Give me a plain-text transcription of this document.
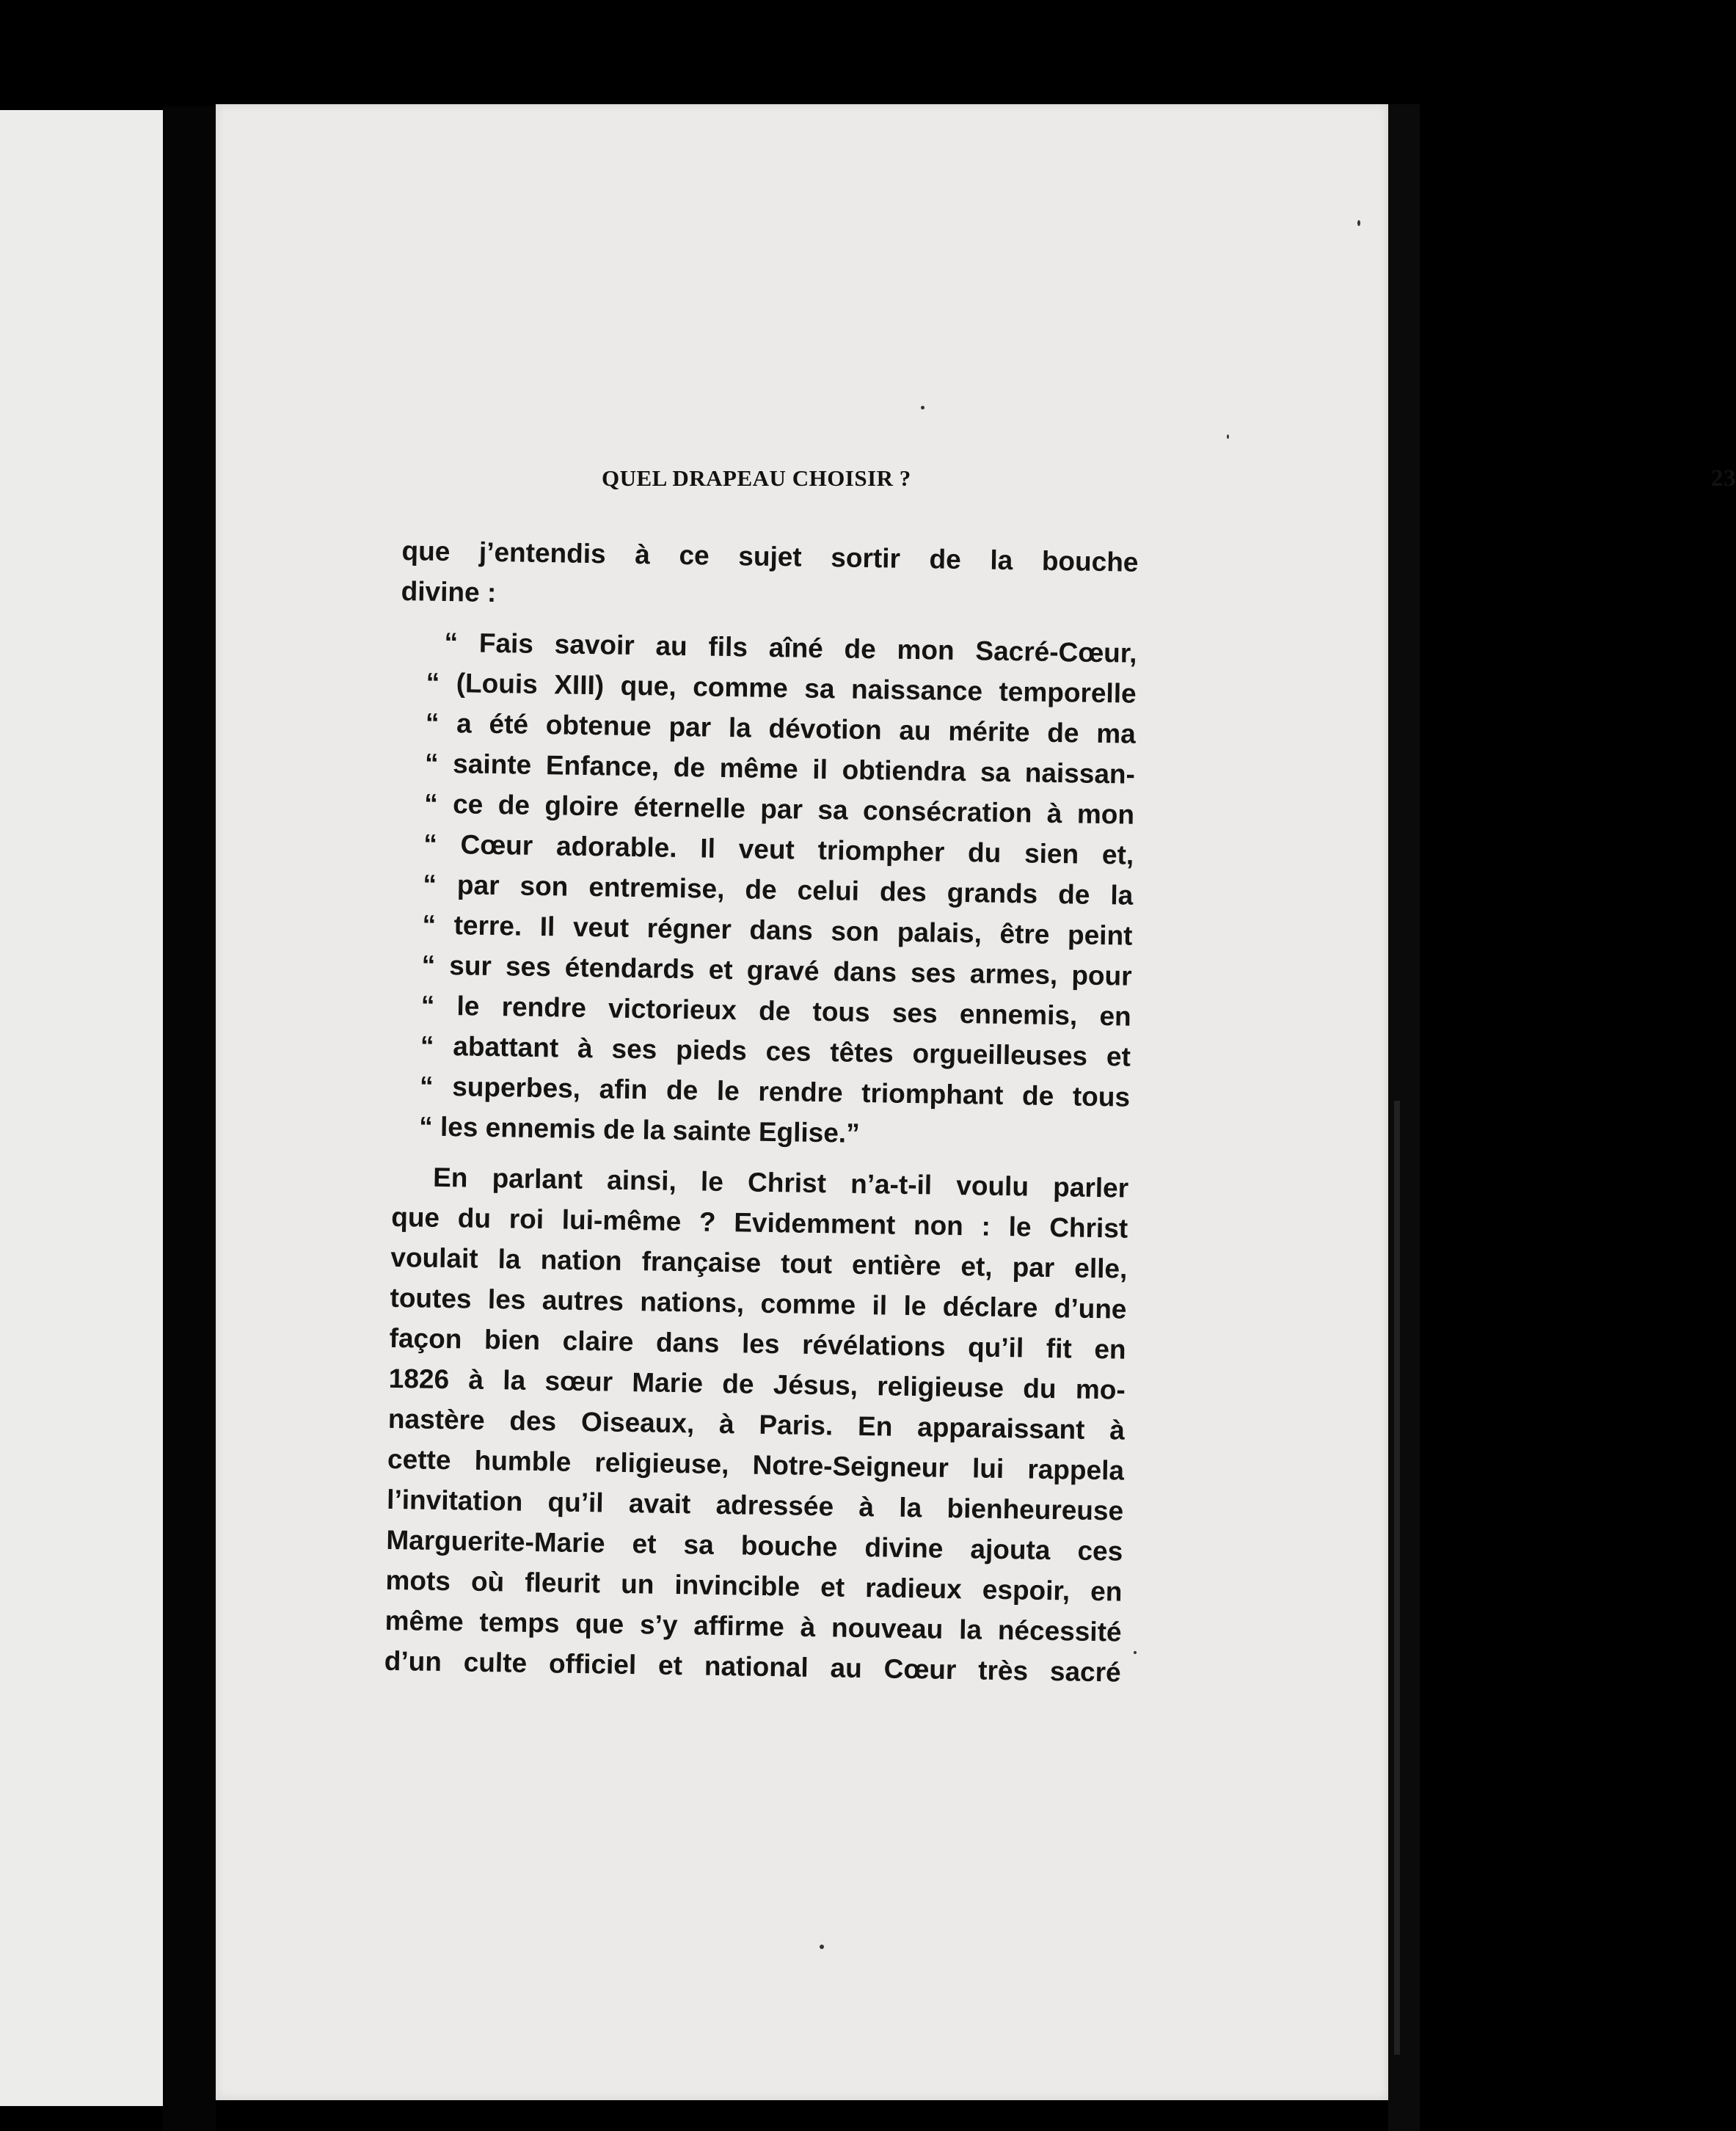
QUEL DRAPEAU CHOISIR ?	23
que j’entendis à ce sujet sortir de la bouche
divine :
“ Fais savoir au fils aîné de mon Sacré-Cœur,
“ (Louis XIII) que, comme sa naissance temporelle
“ a été obtenue par la dévotion au mérite de ma
“ sainte Enfance, de même il obtiendra sa naissan-
“ ce de gloire éternelle par sa consécration à mon
“ Cœur adorable. Il veut triompher du sien et,
“ par son entremise, de celui des grands de la
“ terre. Il veut régner dans son palais, être peint
“ sur ses étendards et gravé dans ses armes, pour
“ le rendre victorieux de tous ses ennemis, en
“ abattant à ses pieds ces têtes orgueilleuses et
“ superbes, afin de le rendre triomphant de tous
“ les ennemis de la sainte Eglise.”
En parlant ainsi, le Christ n’a-t-il voulu parler
que du roi lui-même ? Evidemment non : le Christ
voulait la nation française tout entière et, par elle,
toutes les autres nations, comme il le déclare d’une
façon bien claire dans les révélations qu’il fit en
1826 à la sœur Marie de Jésus, religieuse du mo-
nastère des Oiseaux, à Paris. En apparaissant à
cette humble religieuse, Notre-Seigneur lui rappela
l’invitation qu’il avait adressée à la bienheureuse
Marguerite-Marie et sa bouche divine ajouta ces
mots où fleurit un invincible et radieux espoir, en
même temps que s’y affirme à nouveau la nécessité
d’un culte officiel et national au Cœur très sacré
